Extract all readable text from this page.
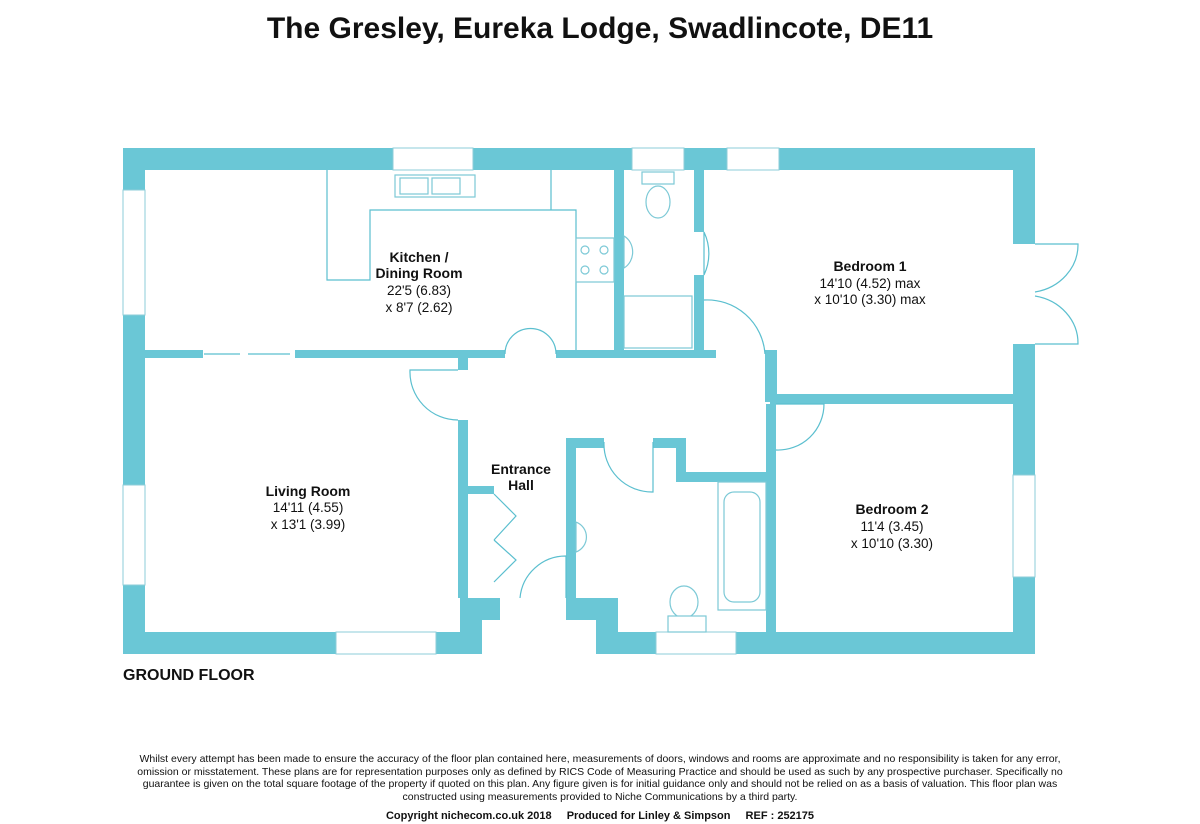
The Gresley, Eureka Lodge, Swadlincote, DE11
Kitchen /
Dining Room
22'5 (6.83)
x 8'7 (2.62)
Bedroom 1
14'10 (4.52) max
x 10'10 (3.30) max
Living Room
14'11 (4.55)
x 13'1 (3.99)
Entrance
Hall
Bedroom 2
11'4 (3.45)
x 10'10 (3.30)
GROUND FLOOR
Whilst every attempt has been made to ensure the accuracy of the floor plan contained here, measurements of doors, windows and rooms are approximate and no responsibility is taken for any error, omission or misstatement. These plans are for representation purposes only as defined by RICS Code of Measuring Practice and should be used as such by any prospective purchaser. Specifically no guarantee is given on the total square footage of the property if quoted on this plan. Any figure given is for initial guidance only and should not be relied on as a basis of valuation. This floor plan was constructed using measurements provided to Niche Communications by a third party.
Copyright nichecom.co.uk 2018 Produced for Linley & Simpson REF : 252175
